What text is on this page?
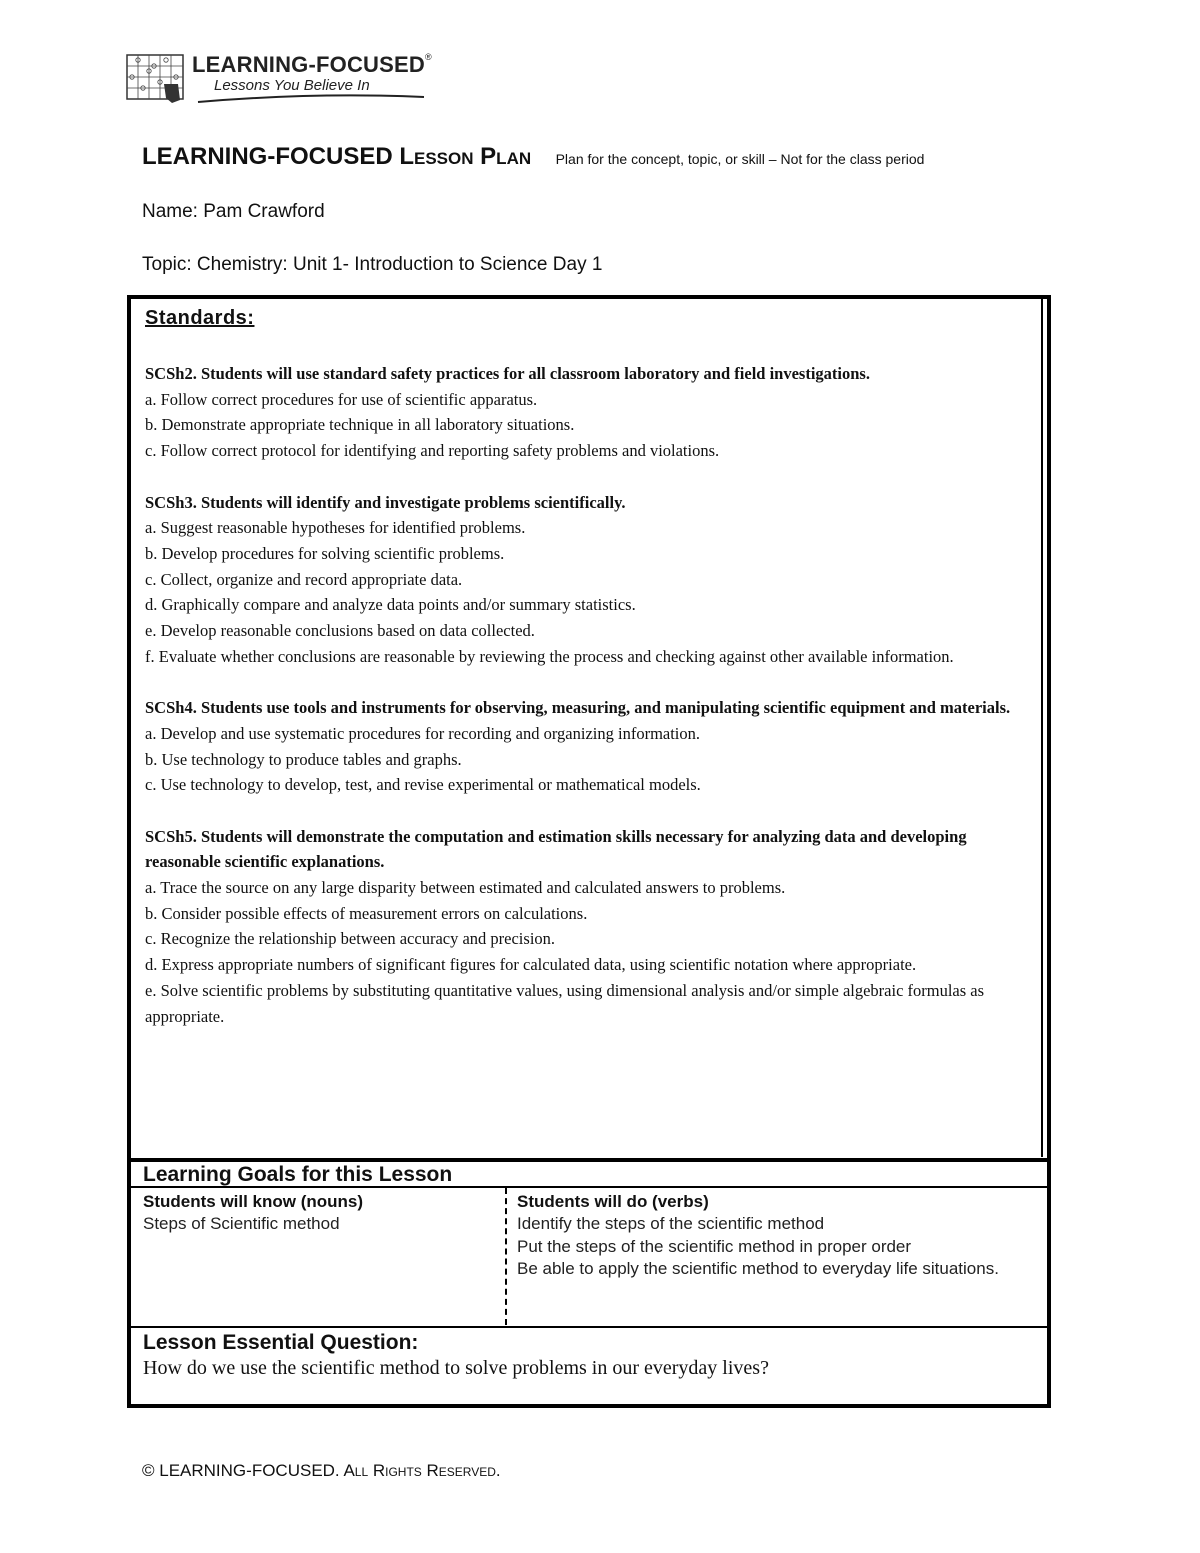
LEARNING-FOCUSED®
Lessons You Believe In
LEARNING-FOCUSED Lesson Plan Plan for the concept, topic, or skill – Not for the class period
Name: Pam Crawford
Topic: Chemistry: Unit 1- Introduction to Science Day 1
Standards:
SCSh2. Students will use standard safety practices for all classroom laboratory and field investigations.
a. Follow correct procedures for use of scientific apparatus.
b. Demonstrate appropriate technique in all laboratory situations.
c. Follow correct protocol for identifying and reporting safety problems and violations.
SCSh3. Students will identify and investigate problems scientifically.
a. Suggest reasonable hypotheses for identified problems.
b. Develop procedures for solving scientific problems.
c. Collect, organize and record appropriate data.
d. Graphically compare and analyze data points and/or summary statistics.
e. Develop reasonable conclusions based on data collected.
f. Evaluate whether conclusions are reasonable by reviewing the process and checking against other available information.
SCSh4. Students use tools and instruments for observing, measuring, and manipulating scientific equipment and materials.
a. Develop and use systematic procedures for recording and organizing information.
b. Use technology to produce tables and graphs.
c. Use technology to develop, test, and revise experimental or mathematical models.
SCSh5. Students will demonstrate the computation and estimation skills necessary for analyzing data and developing reasonable scientific explanations.
a. Trace the source on any large disparity between estimated and calculated answers to problems.
b. Consider possible effects of measurement errors on calculations.
c. Recognize the relationship between accuracy and precision.
d. Express appropriate numbers of significant figures for calculated data, using scientific notation where appropriate.
e. Solve scientific problems by substituting quantitative values, using dimensional analysis and/or simple algebraic formulas as appropriate.
Learning Goals for this Lesson
Students will know (nouns)
Steps of Scientific method
Students will do (verbs)
Identify the steps of the scientific method
Put the steps of the scientific method in proper order
Be able to apply the scientific method to everyday life situations.
Lesson Essential Question:
How do we use the scientific method to solve problems in our everyday lives?
© LEARNING-FOCUSED. All Rights Reserved.
